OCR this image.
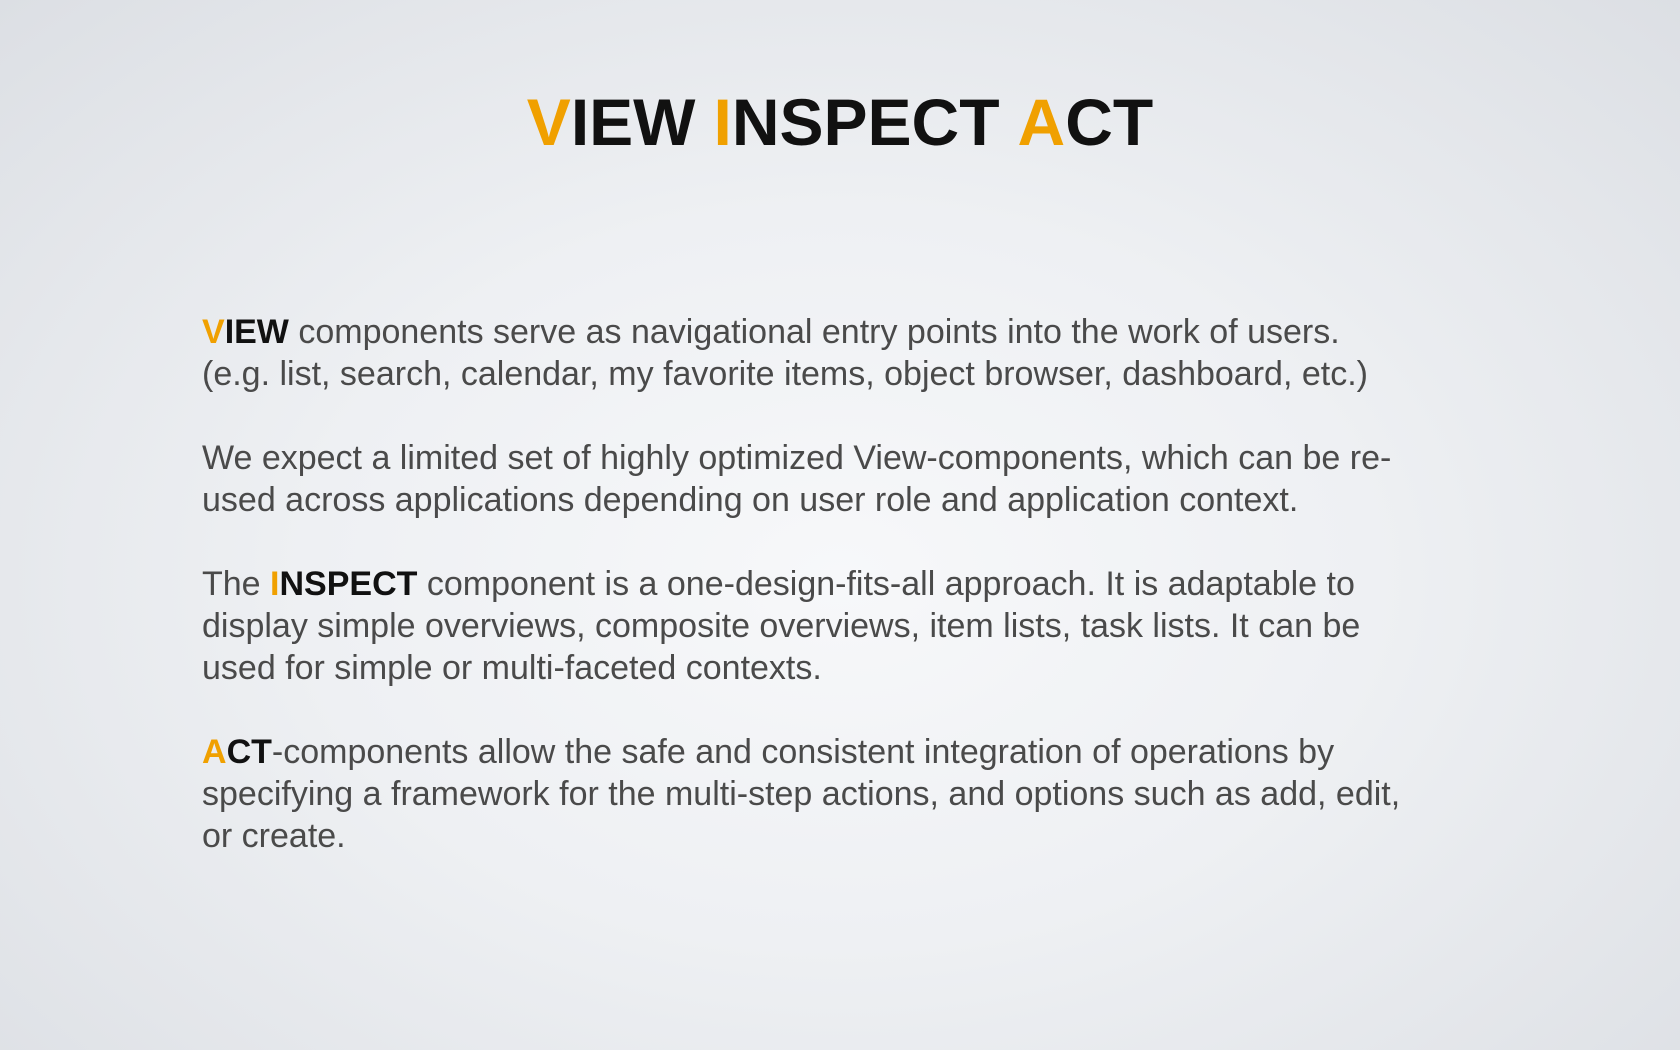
VIEW INSPECT ACT

VIEW components serve as navigational entry points into the work of users.
(e.g. list, search, calendar, my favorite items, object browser, dashboard, etc.)

We expect a limited set of highly optimized View-components, which can be re-
used across applications depending on user role and application context.

The INSPECT component is a one-design-fits-all approach. It is adaptable to
display simple overviews, composite overviews, item lists, task lists. It can be
used for simple or multi-faceted contexts.

ACT-components allow the safe and consistent integration of operations by
specifying a framework for the multi-step actions, and options such as add, edit,
or create.
